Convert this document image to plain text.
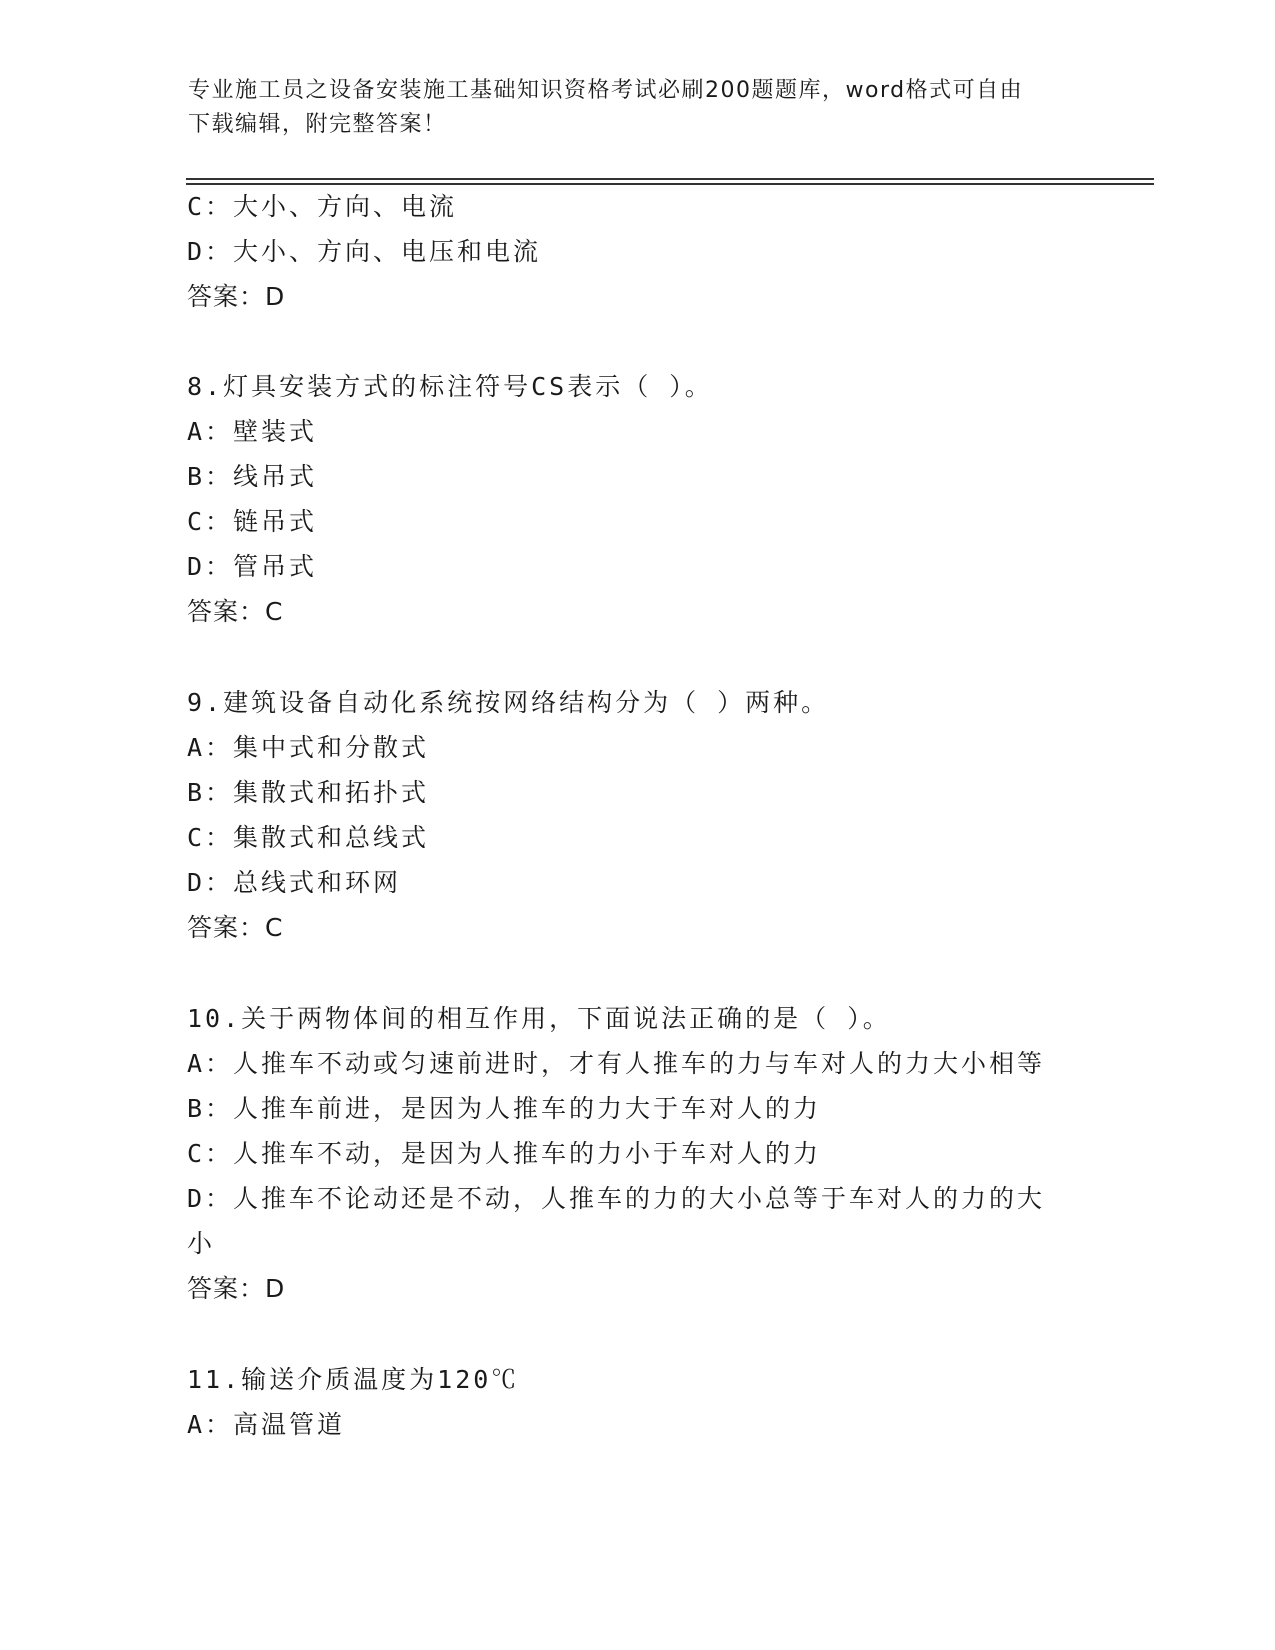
专业施工员之设备安装施工基础知识资格考试必刷200题题库，word格式可自由
下载编辑，附完整答案！
C：大小、方向、电流
D：大小、方向、电压和电流
答案：D
8.灯具安装方式的标注符号CS表示（ ）。
A：壁装式
B：线吊式
C：链吊式
D：管吊式
答案：C
9.建筑设备自动化系统按网络结构分为（ ）两种。
A：集中式和分散式
B：集散式和拓扑式
C：集散式和总线式
D：总线式和环网
答案：C
10.关于两物体间的相互作用，下面说法正确的是（ ）。
A：人推车不动或匀速前进时，才有人推车的力与车对人的力大小相等
B：人推车前进，是因为人推车的力大于车对人的力
C：人推车不动，是因为人推车的力小于车对人的力
D：人推车不论动还是不动，人推车的力的大小总等于车对人的力的大
小
答案：D
11.输送介质温度为120℃
A：高温管道
